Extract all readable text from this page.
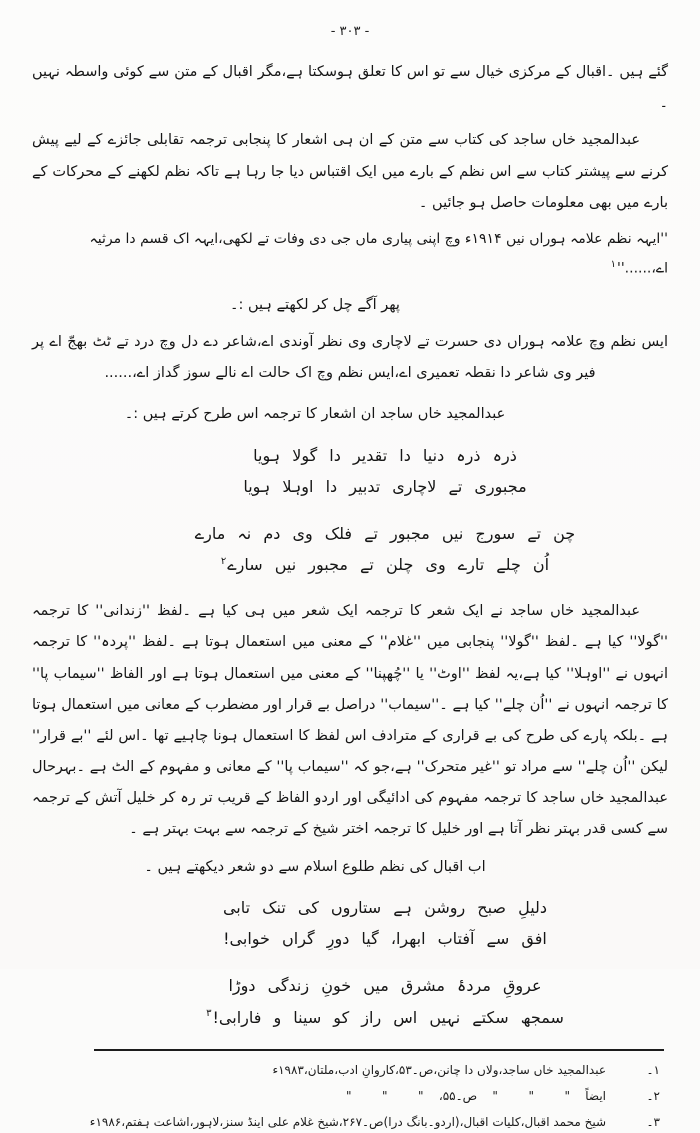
- ۳۰۳ -

گئے ہیں ۔اقبال کے مرکزی خیال سے تو اس کا تعلق ہوسکتا ہے،مگر اقبال کے متن سے کوئی واسطہ نہیں ۔

عبدالمجید خاں ساجد کی کتاب سے متن کے ان ہی اشعار کا پنجابی ترجمہ تقابلی جائزے کے لیے پیش کرنے سے پیشتر کتاب سے اس نظم کے بارے میں ایک اقتباس دیا جا رہا ہے تاکہ نظم لکھنے کے محرکات کے بارے میں بھی معلومات حاصل ہو جائیں ۔

''ایہہ نظم علامہ ہوراں نیں ۱۹۱۴ء وچ اپنی پیاری ماں جی دی وفات تے لکھی،ایہہ اک قسم دا مرثیہ اے،......''$^۱$

پھر آگے چل کر لکھتے ہیں :۔

ایس نظم وچ علامہ ہوراں دی حسرت تے لاچاری وی نظر آوندی اے،شاعر دے دل وچ درد تے ٹٹ بھجّ اے پر فیر وی شاعر دا نقطہ تعمیری اے،ایس نظم وچ اک حالت اے نالے سوز گداز اے،......

عبدالمجید خاں ساجد ان اشعار کا ترجمہ اس طرح کرتے ہیں :۔

ذرہ ذرہ دنیا دا تقدیر دا گولا ہویا
مجبوری تے لاچاری تدبیر دا اوہلا ہویا
چن تے سورج نیں مجبور تے فلک وی دم نہ مارے
اُن چلے تارے وی چلن تے مجبور نیں سارے$^۲$

عبدالمجید خاں ساجد نے ایک شعر کا ترجمہ ایک شعر میں ہی کیا ہے ۔لفظ ''زندانی'' کا ترجمہ ''گولا'' کیا ہے ۔لفظ ''گولا'' پنجابی میں ''غلام'' کے معنی میں استعمال ہوتا ہے ۔لفظ ''پردہ'' کا ترجمہ انہوں نے ''اوہلا'' کیا ہے،یہ لفظ ''اوٹ'' یا ''چُھپنا'' کے معنی میں استعمال ہوتا ہے اور الفاظ ''سیماب پا'' کا ترجمہ انہوں نے ''اُن چلے'' کیا ہے ۔''سیماب'' دراصل بے قرار اور مضطرب کے معانی میں استعمال ہوتا ہے ۔بلکہ پارے کی طرح کی بے قراری کے مترادف اس لفظ کا استعمال ہونا چاہیے تھا ۔اس لئے ''بے قرار'' لیکن ''اُن چلے'' سے مراد تو ''غیر متحرک'' ہے،جو کہ ''سیماب پا'' کے معانی و مفہوم کے الٹ ہے ۔بہرحال عبدالمجید خاں ساجد کا ترجمہ مفہوم کی ادائیگی اور اردو الفاظ کے قریب تر رہ کر خلیل آتش کے ترجمہ سے کسی قدر بہتر نظر آتا ہے اور خلیل کا ترجمہ اختر شیخ کے ترجمہ سے بہت بہتر ہے ۔

اب اقبال کی نظم طلوع اسلام سے دو شعر دیکھتے ہیں ۔

دلیلِ صبح روشن ہے ستاروں کی تنک تابی
افق سے آفتاب ابھرا، گیا دورِ گراں خوابی!
عروقِ مردۂ مشرق میں خونِ زندگی دوڑا
سمجھ سکتے نہیں اس راز کو سینا و فارابی!$^۳$
۱۔
عبدالمجید خاں ساجد،ولاں دا چانن،ص۔۵۳،کاروانِ ادب،ملتان،۱۹۸۳ء
۲۔
ایضاً    "        "        "    ص۔۵۵،    "        "        "
۳۔
شیخ محمد اقبال،کلیات اقبال،(اردو۔بانگ درا)ص۔۲۶۷،شیخ غلام علی اینڈ سنز،لاہور،اشاعت ہفتم،۱۹۸۶ء
